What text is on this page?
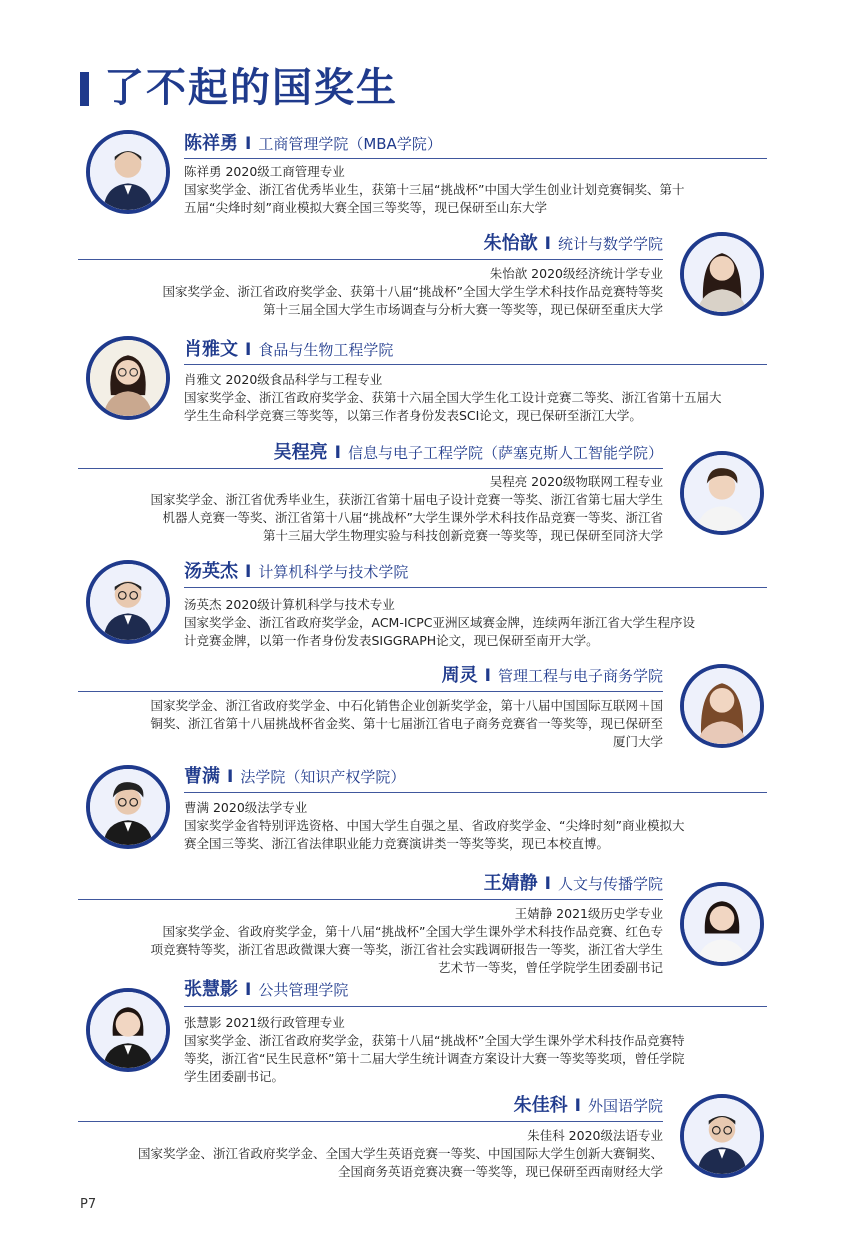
了不起的国奖生
陈祥勇 I 工商管理学院（MBA学院）

陈祥勇 2020级工商管理专业

国家奖学金、浙江省优秀毕业生，获第十三届“挑战杯”中国大学生创业计划竞赛铜奖、第十

五届“尖烽时刻”商业模拟大赛全国三等奖等，现已保研至山东大学

朱怡歆 I 统计与数学学院

朱怡歆 2020级经济统计学专业

国家奖学金、浙江省政府奖学金、获第十八届“挑战杯”全国大学生学术科技作品竞赛特等奖

第十三届全国大学生市场调查与分析大赛一等奖等，现已保研至重庆大学

肖雅文 I 食品与生物工程学院

肖雅文 2020级食品科学与工程专业

国家奖学金、浙江省政府奖学金、获第十六届全国大学生化工设计竞赛二等奖、浙江省第十五届大

学生生命科学竞赛三等奖等，以第三作者身份发表SCI论文，现已保研至浙江大学。

吴程亮 I 信息与电子工程学院（萨塞克斯人工智能学院）

吴程亮 2020级物联网工程专业

国家奖学金、浙江省优秀毕业生，获浙江省第十届电子设计竞赛一等奖、浙江省第七届大学生

机器人竞赛一等奖、浙江省第十八届“挑战杯”大学生课外学术科技作品竞赛一等奖、浙江省

第十三届大学生物理实验与科技创新竞赛一等奖等，现已保研至同济大学

汤英杰 I 计算机科学与技术学院

汤英杰 2020级计算机科学与技术专业

国家奖学金、浙江省政府奖学金，ACM-ICPC亚洲区域赛金牌，连续两年浙江省大学生程序设

计竞赛金牌，以第一作者身份发表SIGGRAPH论文，现已保研至南开大学。

周灵 I 管理工程与电子商务学院

国家奖学金、浙江省政府奖学金、中石化销售企业创新奖学金，第十八届中国国际互联网＋国

铜奖、浙江省第十八届挑战杯省金奖、第十七届浙江省电子商务竞赛省一等奖等，现已保研至

厦门大学

曹满 I 法学院（知识产权学院）

曹满 2020级法学专业

国家奖学金省特别评选资格、中国大学生自强之星、省政府奖学金、“尖烽时刻”商业模拟大

赛全国三等奖、浙江省法律职业能力竞赛演讲类一等奖等奖，现已本校直博。

王婧静 I 人文与传播学院

王婧静 2021级历史学专业

国家奖学金、省政府奖学金，第十八届“挑战杯”全国大学生课外学术科技作品竞赛、红色专

项竞赛特等奖，浙江省思政微课大赛一等奖，浙江省社会实践调研报告一等奖，浙江省大学生

艺术节一等奖，曾任学院学生团委副书记

张慧影 I 公共管理学院

张慧影 2021级行政管理专业

国家奖学金、浙江省政府奖学金，获第十八届“挑战杯”全国大学生课外学术科技作品竞赛特

等奖，浙江省“民生民意杯”第十二届大学生统计调查方案设计大赛一等奖等奖项，曾任学院

学生团委副书记。

朱佳科 I 外国语学院

朱佳科 2020级法语专业

国家奖学金、浙江省政府奖学金、全国大学生英语竞赛一等奖、中国国际大学生创新大赛铜奖、

全国商务英语竞赛决赛一等奖等，现已保研至西南财经大学

P7
